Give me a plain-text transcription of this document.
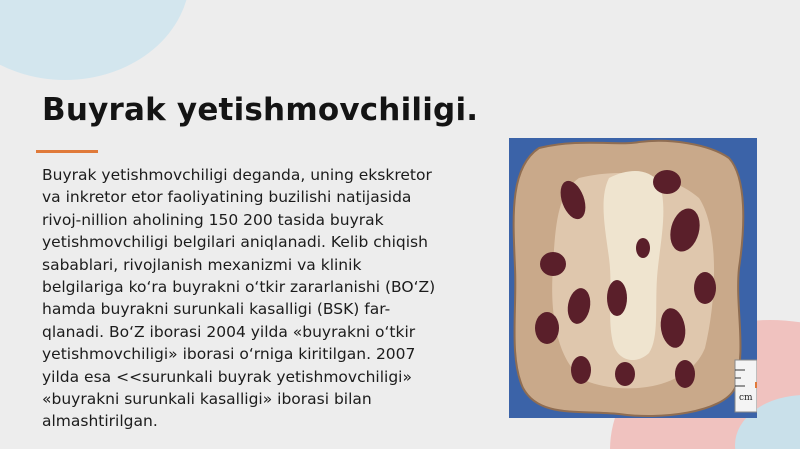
Buyrak yetishmovchiligi.

Buyrak yetishmovchiligi deganda, uning ekskretor
va inkretor etor faoliyatining buzilishi natijasida
rivoj-nillion aholining 150 200 tasida buyrak
yetishmovchiligi belgilari aniqlanadi. Kelib chiqish
sabablari, rivojlanish mexanizmi va klinik
belgilariga ko‘ra buyrakni o‘tkir zararlanishi (BO‘Z)
hamda buyrakni surunkali kasalligi (BSK) far-
qlanadi. Bo‘Z iborasi 2004 yilda «buyrakni o‘tkir
yetishmovchiligi» iborasi o‘rniga kiritilgan. 2007
yilda esa <<surunkali buyrak yetishmovchiligi»
«buyrakni surunkali kasalligi» iborasi bilan
almashtirilgan.

cm
